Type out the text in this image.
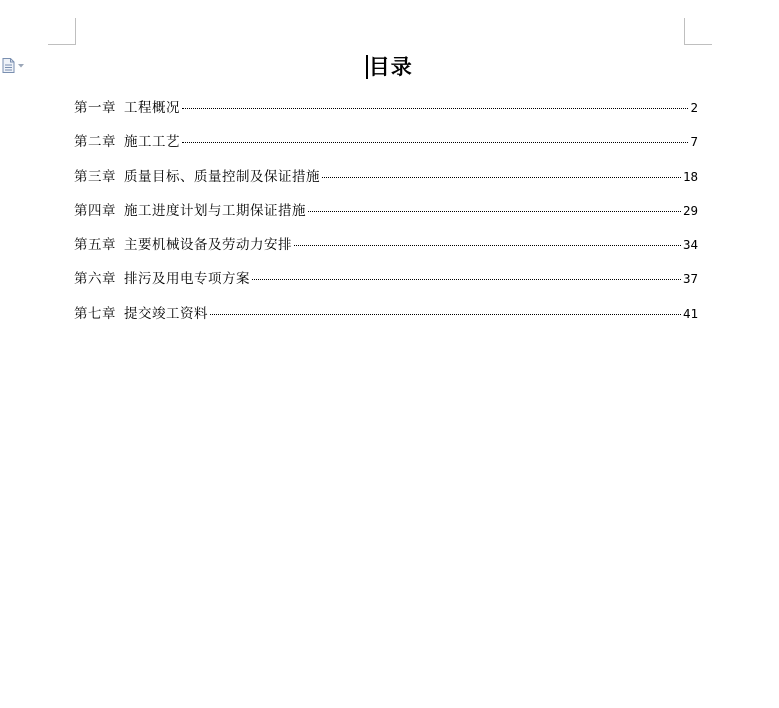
目录
第一章 工程概况	2
第二章 施工工艺	7
第三章 质量目标、质量控制及保证措施	18
第四章 施工进度计划与工期保证措施	29
第五章 主要机械设备及劳动力安排	34
第六章 排污及用电专项方案	37
第七章 提交竣工资料	41
